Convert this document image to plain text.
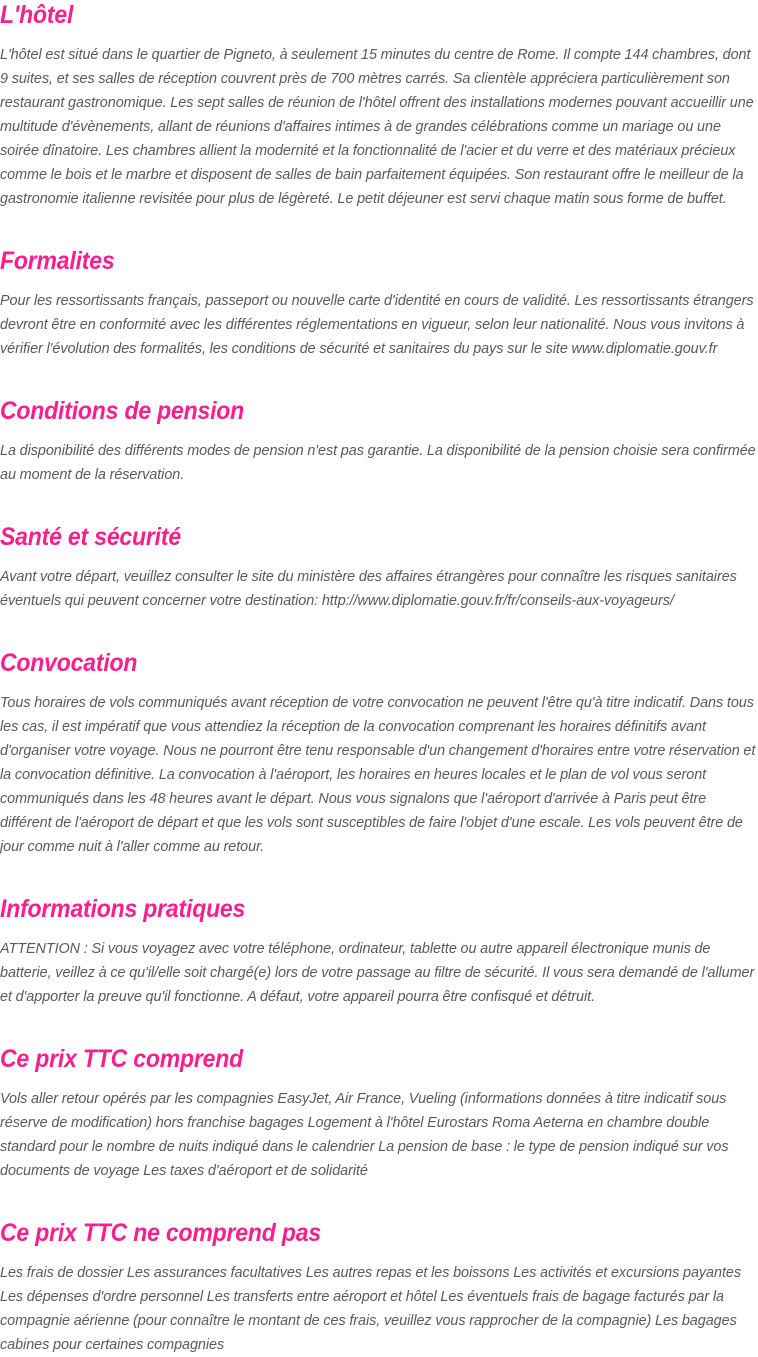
L'hôtel

L'hôtel est situé dans le quartier de Pigneto, à seulement 15 minutes du centre de Rome. Il compte 144 chambres, dont 9 suites, et ses salles de réception couvrent près de 700 mètres carrés. Sa clientèle appréciera particulièrement son restaurant gastronomique. Les sept salles de réunion de l'hôtel offrent des installations modernes pouvant accueillir une multitude d'évènements, allant de réunions d'affaires intimes à de grandes célébrations comme un mariage ou une soirée dînatoire. Les chambres allient la modernité et la fonctionnalité de l'acier et du verre et des matériaux précieux comme le bois et le marbre et disposent de salles de bain parfaitement équipées. Son restaurant offre le meilleur de la gastronomie italienne revisitée pour plus de légèreté. Le petit déjeuner est servi chaque matin sous forme de buffet.

Formalites

Pour les ressortissants français, passeport ou nouvelle carte d'identité en cours de validité. Les ressortissants étrangers devront être en conformité avec les différentes réglementations en vigueur, selon leur nationalité. Nous vous invitons à vérifier l'évolution des formalités, les conditions de sécurité et sanitaires du pays sur le site www.diplomatie.gouv.fr

Conditions de pension

La disponibilité des différents modes de pension n'est pas garantie. La disponibilité de la pension choisie sera confirmée au moment de la réservation.

Santé et sécurité

Avant votre départ, veuillez consulter le site du ministère des affaires étrangères pour connaître les risques sanitaires éventuels qui peuvent concerner votre destination: http://www.diplomatie.gouv.fr/fr/conseils-aux-voyageurs/

Convocation

Tous horaires de vols communiqués avant réception de votre convocation ne peuvent l'être qu'à titre indicatif. Dans tous les cas, il est impératif que vous attendiez la réception de la convocation comprenant les horaires définitifs avant d'organiser votre voyage. Nous ne pourront être tenu responsable d'un changement d'horaires entre votre réservation et la convocation définitive. La convocation à l'aéroport, les horaires en heures locales et le plan de vol vous seront communiqués dans les 48 heures avant le départ. Nous vous signalons que l'aéroport d'arrivée à Paris peut être différent de l'aéroport de départ et que les vols sont susceptibles de faire l'objet d'une escale. Les vols peuvent être de jour comme nuit à l'aller comme au retour.

Informations pratiques

ATTENTION : Si vous voyagez avec votre téléphone, ordinateur, tablette ou autre appareil électronique munis de batterie, veillez à ce qu'il/elle soit chargé(e) lors de votre passage au filtre de sécurité. Il vous sera demandé de l'allumer et d'apporter la preuve qu'il fonctionne. A défaut, votre appareil pourra être confisqué et détruit.

Ce prix TTC comprend

Vols aller retour opérés par les compagnies EasyJet, Air France, Vueling (informations données à titre indicatif sous réserve de modification) hors franchise bagages Logement à l'hôtel Eurostars Roma Aeterna en chambre double standard pour le nombre de nuits indiqué dans le calendrier La pension de base : le type de pension indiqué sur vos documents de voyage Les taxes d'aéroport et de solidarité

Ce prix TTC ne comprend pas

Les frais de dossier Les assurances facultatives Les autres repas et les boissons Les activités et excursions payantes Les dépenses d'ordre personnel Les transferts entre aéroport et hôtel Les éventuels frais de bagage facturés par la compagnie aérienne (pour connaître le montant de ces frais, veuillez vous rapprocher de la compagnie) Les bagages cabines pour certaines compagnies
